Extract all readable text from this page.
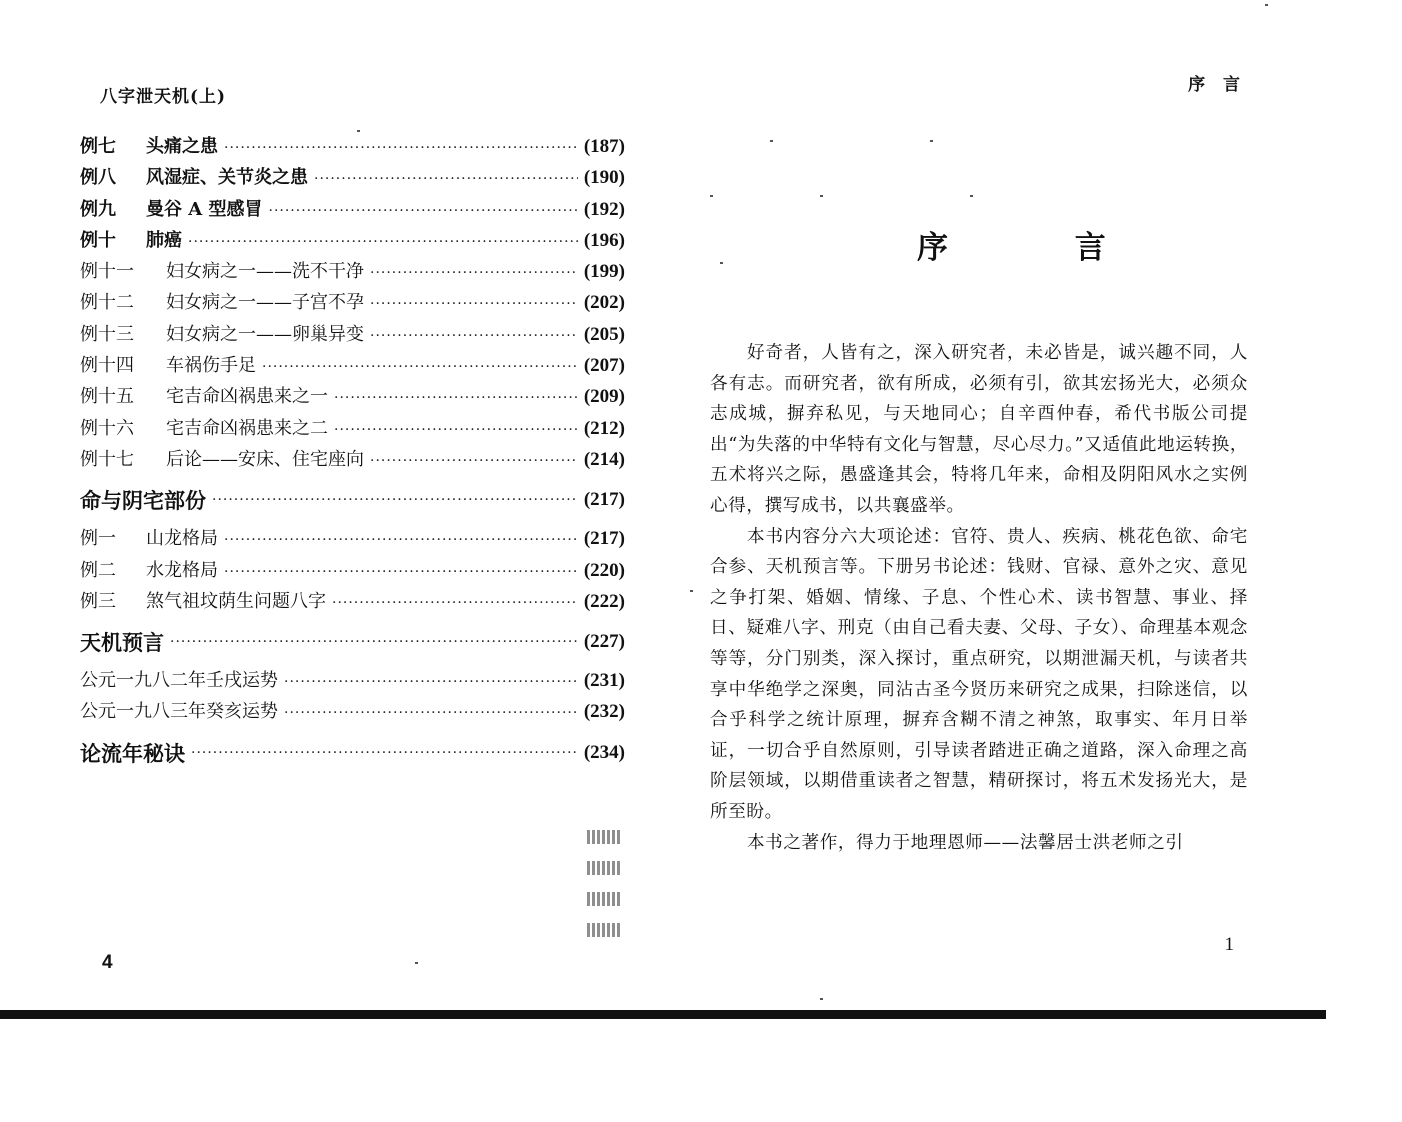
八字泄天机(上)
例七	头痛之患 ·····	(187)
例八	风湿症、关节炎之患 ·····	(190)
例九	曼谷 A 型感冒 ·····	(192)
例十	肺癌 ·····	(196)
例十一	妇女病之一——洗不干净 ·····	(199)
例十二	妇女病之一——子宫不孕 ·····	(202)
例十三	妇女病之一——卵巢异变 ·····	(205)
例十四	车祸伤手足 ·····	(207)
例十五	宅吉命凶祸患来之一 ·····	(209)
例十六	宅吉命凶祸患来之二 ·····	(212)
例十七	后论——安床、住宅座向 ·····	(214)
命与阴宅部份 ·····	(217)
例一	山龙格局 ·····	(217)
例二	水龙格局 ·····	(220)
例三	煞气祖坟荫生问题八字 ·····	(222)
天机预言 ·····	(227)
公元一九八二年壬戌运势 ·····	(231)
公元一九八三年癸亥运势 ·····	(232)
论流年秘诀 ·····	(234)
4
序 言
序 言

好奇者，人皆有之，深入研究者，未必皆是，诚兴趣不同，人各有志。而研究者，欲有所成，必须有引，欲其宏扬光大，必须众志成城，摒弃私见，与天地同心；自辛酉仲春，希代书版公司提出“为失落的中华特有文化与智慧，尽心尽力。”又适值此地运转换，五术将兴之际，愚盛逢其会，特将几年来，命相及阴阳风水之实例心得，撰写成书，以共襄盛举。

本书内容分六大项论述：官符、贵人、疾病、桃花色欲、命宅合参、天机预言等。下册另书论述：钱财、官禄、意外之灾、意见之争打架、婚姻、情缘、子息、个性心术、读书智慧、事业、择日、疑难八字、刑克（由自己看夫妻、父母、子女）、命理基本观念等等，分门别类，深入探讨，重点研究，以期泄漏天机，与读者共享中华绝学之深奥，同沾古圣今贤历来研究之成果，扫除迷信，以合乎科学之统计原理，摒弃含糊不清之神煞，取事实、年月日举证，一切合乎自然原则，引导读者踏进正确之道路，深入命理之高阶层领域，以期借重读者之智慧，精研探讨，将五术发扬光大，是所至盼。

本书之著作，得力于地理恩师——法馨居士洪老师之引

1
